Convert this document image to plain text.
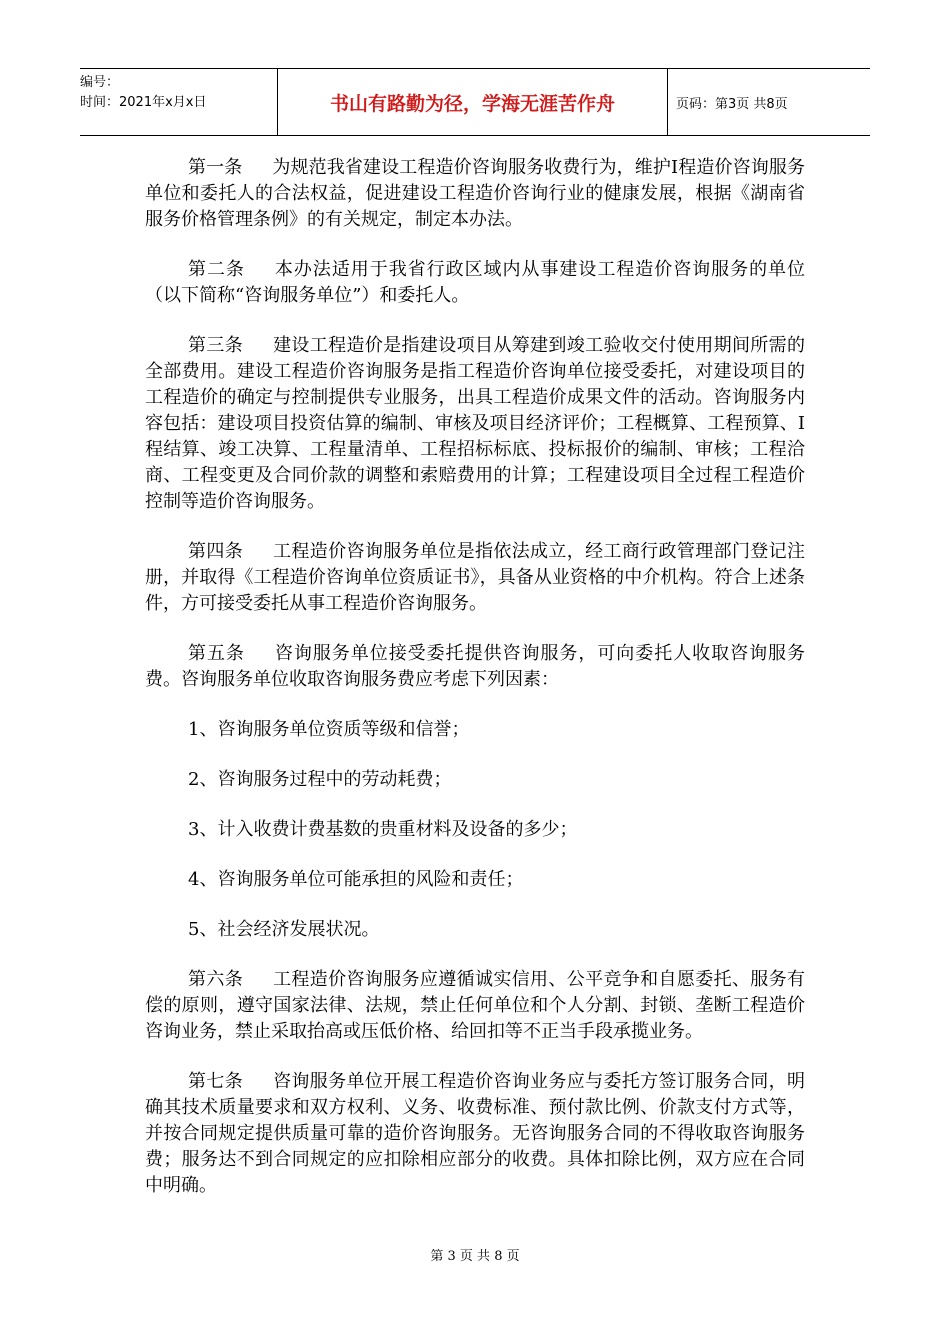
编号：
时间：2021年x月x日	书山有路勤为径，学海无涯苦作舟	页码：第3页 共8页

第一条 为规范我省建设工程造价咨询服务收费行为，维护I程造价咨询服务单位和委托人的合法权益，促进建设工程造价咨询行业的健康发展，根据《湖南省服务价格管理条例》的有关规定，制定本办法。

第二条 本办法适用于我省行政区域内从事建设工程造价咨询服务的单位（以下简称“咨询服务单位”）和委托人。

第三条 建设工程造价是指建设项目从筹建到竣工验收交付使用期间所需的全部费用。建设工程造价咨询服务是指工程造价咨询单位接受委托，对建设项目的工程造价的确定与控制提供专业服务，出具工程造价成果文件的活动。咨询服务内容包括：建设项目投资估算的编制、审核及项目经济评价；工程概算、工程预算、I程结算、竣工决算、工程量清单、工程招标标底、投标报价的编制、审核；工程洽商、工程变更及合同价款的调整和索赔费用的计算；工程建设项目全过程工程造价控制等造价咨询服务。

第四条 工程造价咨询服务单位是指依法成立，经工商行政管理部门登记注册，并取得《工程造价咨询单位资质证书》，具备从业资格的中介机构。符合上述条件，方可接受委托从事工程造价咨询服务。

第五条 咨询服务单位接受委托提供咨询服务，可向委托人收取咨询服务费。咨询服务单位收取咨询服务费应考虑下列因素：

1、咨询服务单位资质等级和信誉；

2、咨询服务过程中的劳动耗费；

3、计入收费计费基数的贵重材料及设备的多少；

4、咨询服务单位可能承担的风险和责任；

5、社会经济发展状况。

第六条 工程造价咨询服务应遵循诚实信用、公平竞争和自愿委托、服务有偿的原则，遵守国家法律、法规，禁止任何单位和个人分割、封锁、垄断工程造价咨询业务，禁止采取抬高或压低价格、给回扣等不正当手段承揽业务。

第七条 咨询服务单位开展工程造价咨询业务应与委托方签订服务合同，明确其技术质量要求和双方权利、义务、收费标准、预付款比例、价款支付方式等，并按合同规定提供质量可靠的造价咨询服务。无咨询服务合同的不得收取咨询服务费；服务达不到合同规定的应扣除相应部分的收费。具体扣除比例，双方应在合同中明确。

第 3 页 共 8 页
